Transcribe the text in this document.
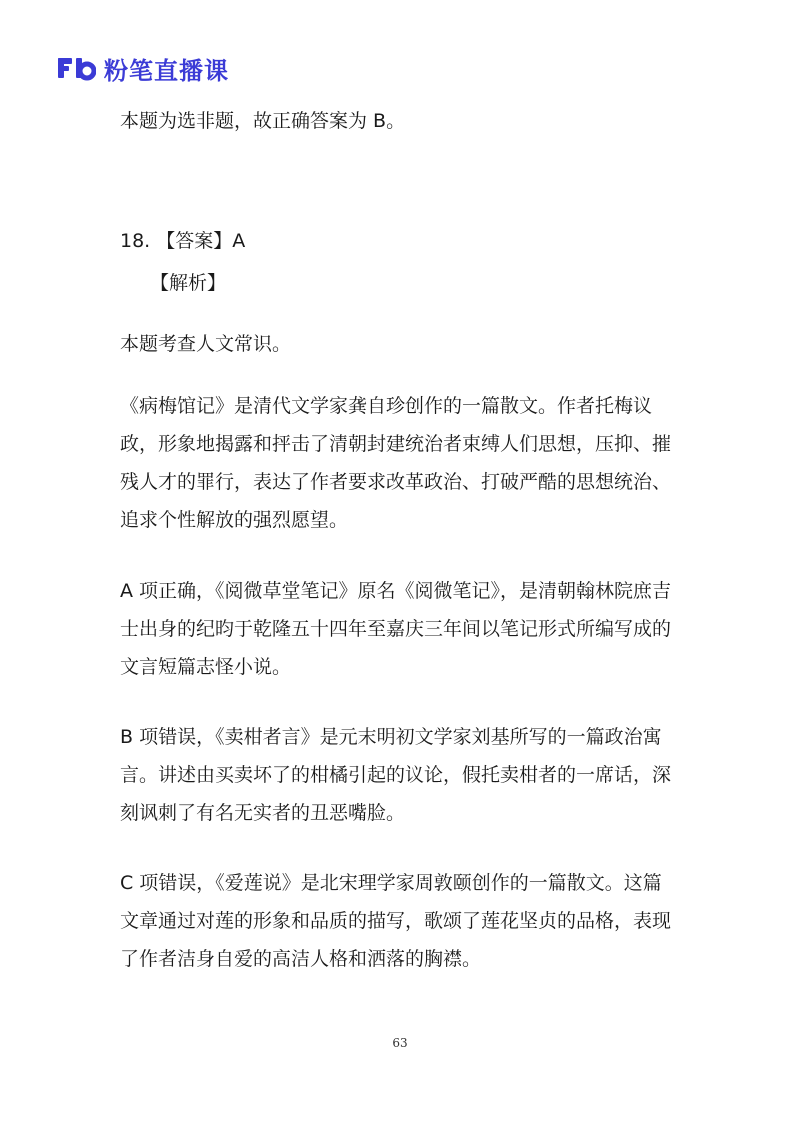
粉笔直播课

本题为选非题，故正确答案为 B。

18. 【答案】A

【解析】

本题考查人文常识。

《病梅馆记》是清代文学家龚自珍创作的一篇散文。作者托梅议政，形象地揭露和抨击了清朝封建统治者束缚人们思想，压抑、摧残人才的罪行，表达了作者要求改革政治、打破严酷的思想统治、追求个性解放的强烈愿望。

A 项正确，《阅微草堂笔记》原名《阅微笔记》，是清朝翰林院庶吉士出身的纪昀于乾隆五十四年至嘉庆三年间以笔记形式所编写成的文言短篇志怪小说。

B 项错误，《卖柑者言》是元末明初文学家刘基所写的一篇政治寓言。讲述由买卖坏了的柑橘引起的议论，假托卖柑者的一席话，深刻讽刺了有名无实者的丑恶嘴脸。

C 项错误，《爱莲说》是北宋理学家周敦颐创作的一篇散文。这篇文章通过对莲的形象和品质的描写，歌颂了莲花坚贞的品格，表现了作者洁身自爱的高洁人格和洒落的胸襟。

63
